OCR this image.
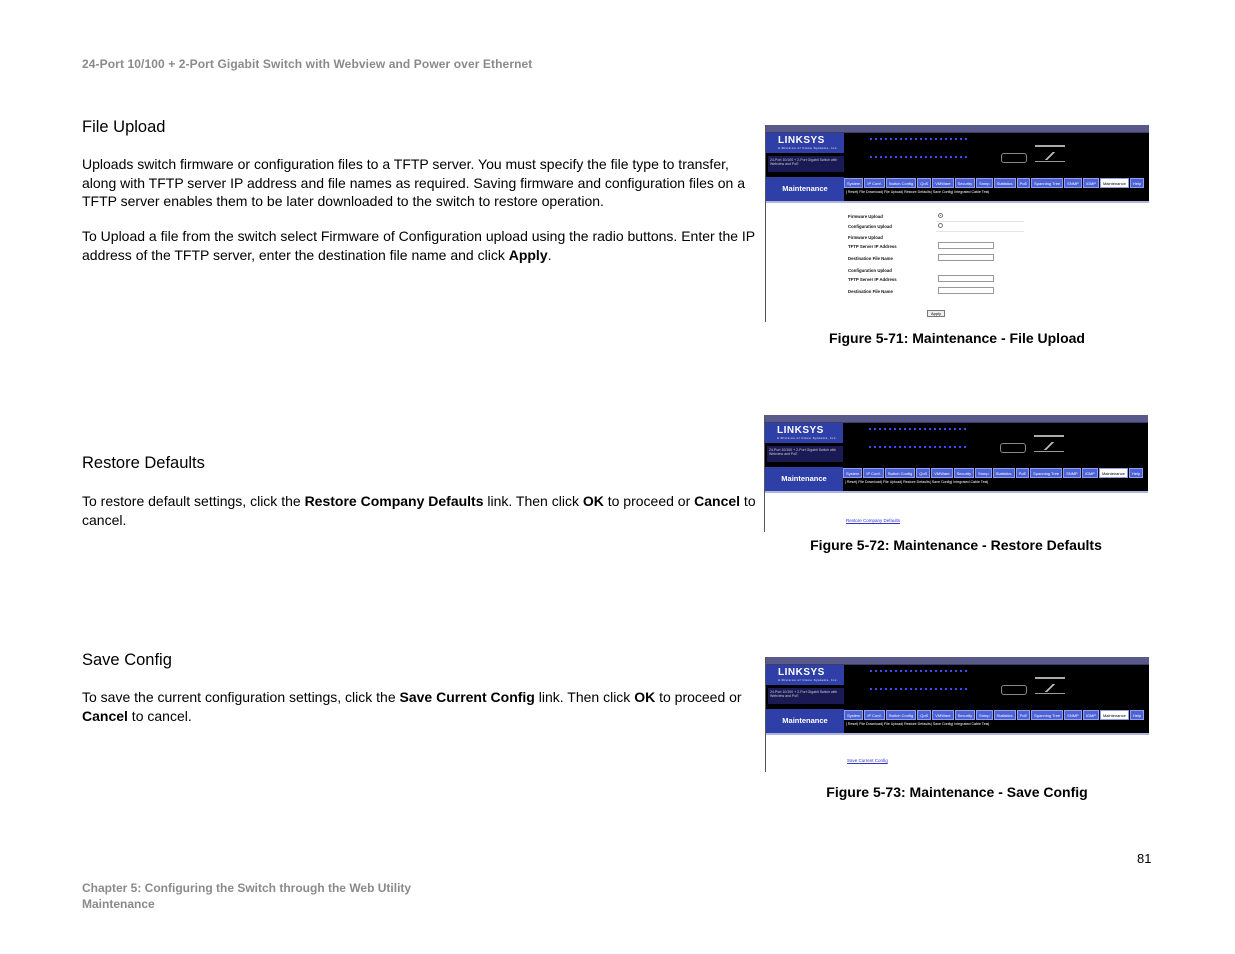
24-Port 10/100 + 2-Port Gigabit Switch with Webview and Power over Ethernet
File Upload
Uploads switch firmware or configuration files to a TFTP server. You must specify the file type to transfer, along with TFTP server IP address and file names as required. Saving firmware and configuration files on a TFTP server enables them to be later downloaded to the switch to restore operation.
To Upload a file from the switch select Firmware of Configuration upload using the radio buttons. Enter the IP address of the TFTP server, enter the destination file name and click Apply.
Restore Defaults
To restore default settings, click the Restore Company Defaults link. Then click OK to proceed or Cancel to cancel.
Save Config
To save the current configuration settings, click the Save Current Config link. Then click OK to proceed or Cancel to cancel.
LINKSYS
A Division of Cisco Systems, Inc.
24-Port 10/100 + 2-Port Gigabit Switch with Webview and PoE
Maintenance
System	IP Conf.	Switch Config	QoS	VMWare	Security	Snmp	Statistics	PoE	Spanning Tree	SNMP	IGMP	Maintenance	Help
| Reset| File Download| File Upload| Restore Defaults| Save Config| Integrated Cable Test|
Firmware Upload
Configuration Upload
Firmware Upload
TFTP Server IP Address
Destination File Name
Configuration Upload
TFTP Server IP Address
Destination File Name
Apply
Figure 5-71: Maintenance - File Upload
LINKSYS
A Division of Cisco Systems, Inc.
24-Port 10/100 + 2-Port Gigabit Switch with Webview and PoE
Maintenance
System	IP Conf.	Switch Config	QoS	VMWare	Security	Snmp	Statistics	PoE	Spanning Tree	SNMP	IGMP	Maintenance	Help
| Reset| File Download| File Upload| Restore Defaults| Save Config| Integrated Cable Test|
Restore Company Defaults
Figure 5-72: Maintenance - Restore Defaults
LINKSYS
A Division of Cisco Systems, Inc.
24-Port 10/100 + 2-Port Gigabit Switch with Webview and PoE
Maintenance
System	IP Conf.	Switch Config	QoS	VMWare	Security	Snmp	Statistics	PoE	Spanning Tree	SNMP	IGMP	Maintenance	Help
| Reset| File Download| File Upload| Restore Defaults| Save Config| Integrated Cable Test|
Save Current Config
Figure 5-73: Maintenance - Save Config
81
Chapter 5: Configuring the Switch through the Web Utility
Maintenance
